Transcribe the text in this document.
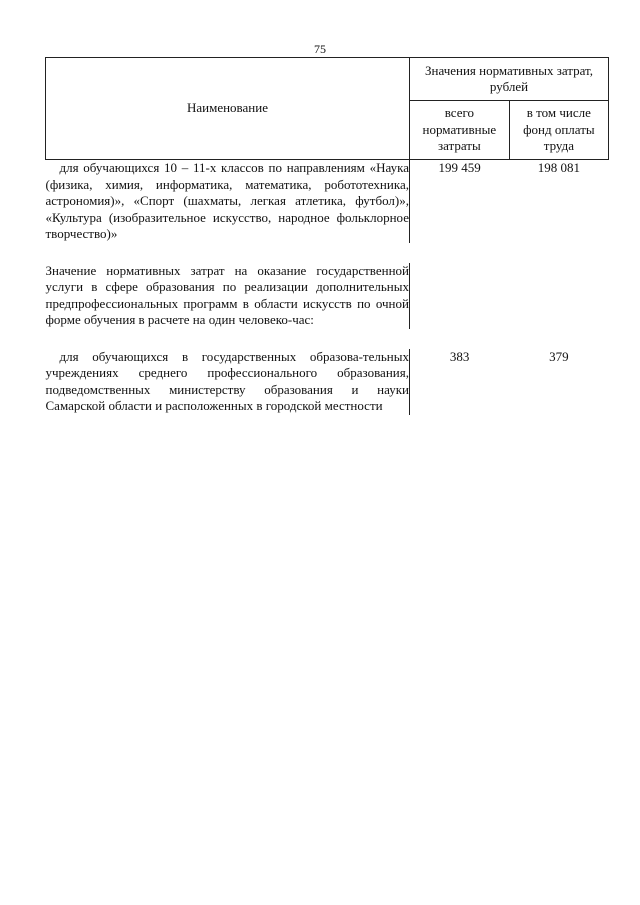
75
Наименование	Значения нормативных затрат, рублей	
	всего нормативные затраты	в том числе фонд оплаты труда
для обучающихся 10 – 11-х классов по направлениям «Наука (физика, химия, информатика, математика, робототехника, астрономия)», «Спорт (шахматы, легкая атлетика, футбол)», «Культура (изобразительное искусство, народное фольклорное творчество)»	199 459	198 081

Значение нормативных затрат на оказание государственной услуги в сфере образования по реализации дополнительных предпрофессиональных программ в области искусств по очной форме обучения в расчете на один человеко-час:		

для обучающихся в государственных образова-тельных учреждениях среднего профессионального образования, подведомственных министерству образования и науки Самарской области и расположенных в городской местности	383	379
